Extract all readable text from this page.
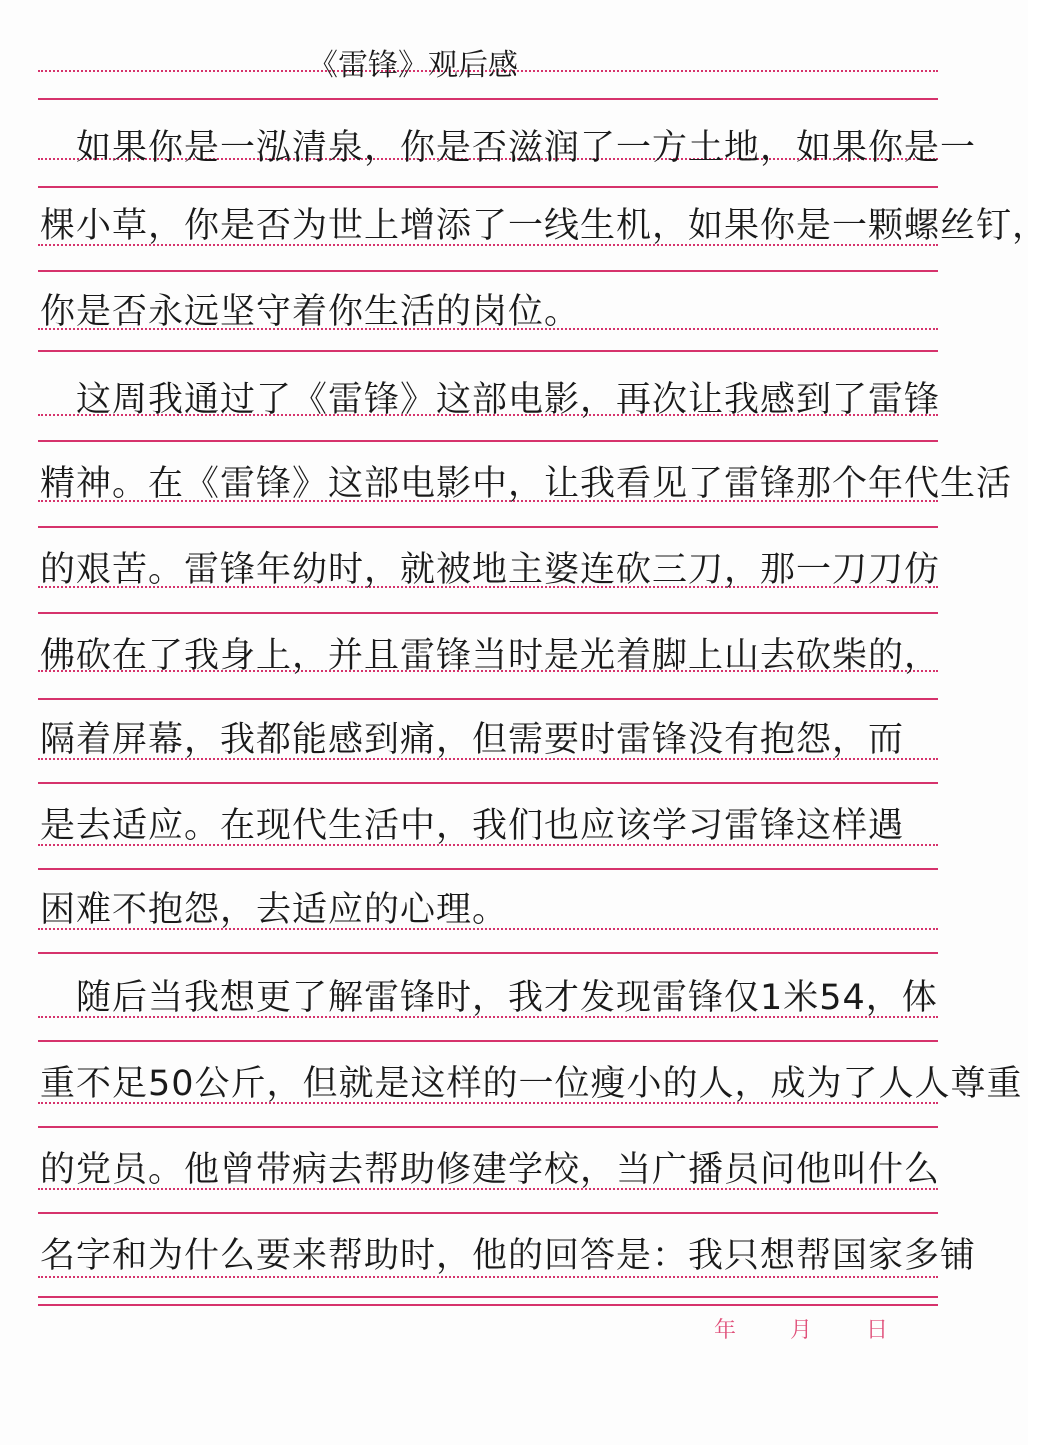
《雷锋》观后感
　如果你是一泓清泉，你是否滋润了一方土地，如果你是一
棵小草，你是否为世上增添了一线生机，如果你是一颗螺丝钉，
你是否永远坚守着你生活的岗位。
　这周我通过了《雷锋》这部电影，再次让我感到了雷锋
精神。在《雷锋》这部电影中，让我看见了雷锋那个年代生活
的艰苦。雷锋年幼时，就被地主婆连砍三刀，那一刀刀仿
佛砍在了我身上，并且雷锋当时是光着脚上山去砍柴的，
隔着屏幕，我都能感到痛，但需要时雷锋没有抱怨，而
是去适应。在现代生活中，我们也应该学习雷锋这样遇
困难不抱怨，去适应的心理。
　随后当我想更了解雷锋时，我才发现雷锋仅1米54，体
重不足50公斤，但就是这样的一位瘦小的人，成为了人人尊重
的党员。他曾带病去帮助修建学校，当广播员问他叫什么
名字和为什么要来帮助时，他的回答是：我只想帮国家多铺
年 月 日
